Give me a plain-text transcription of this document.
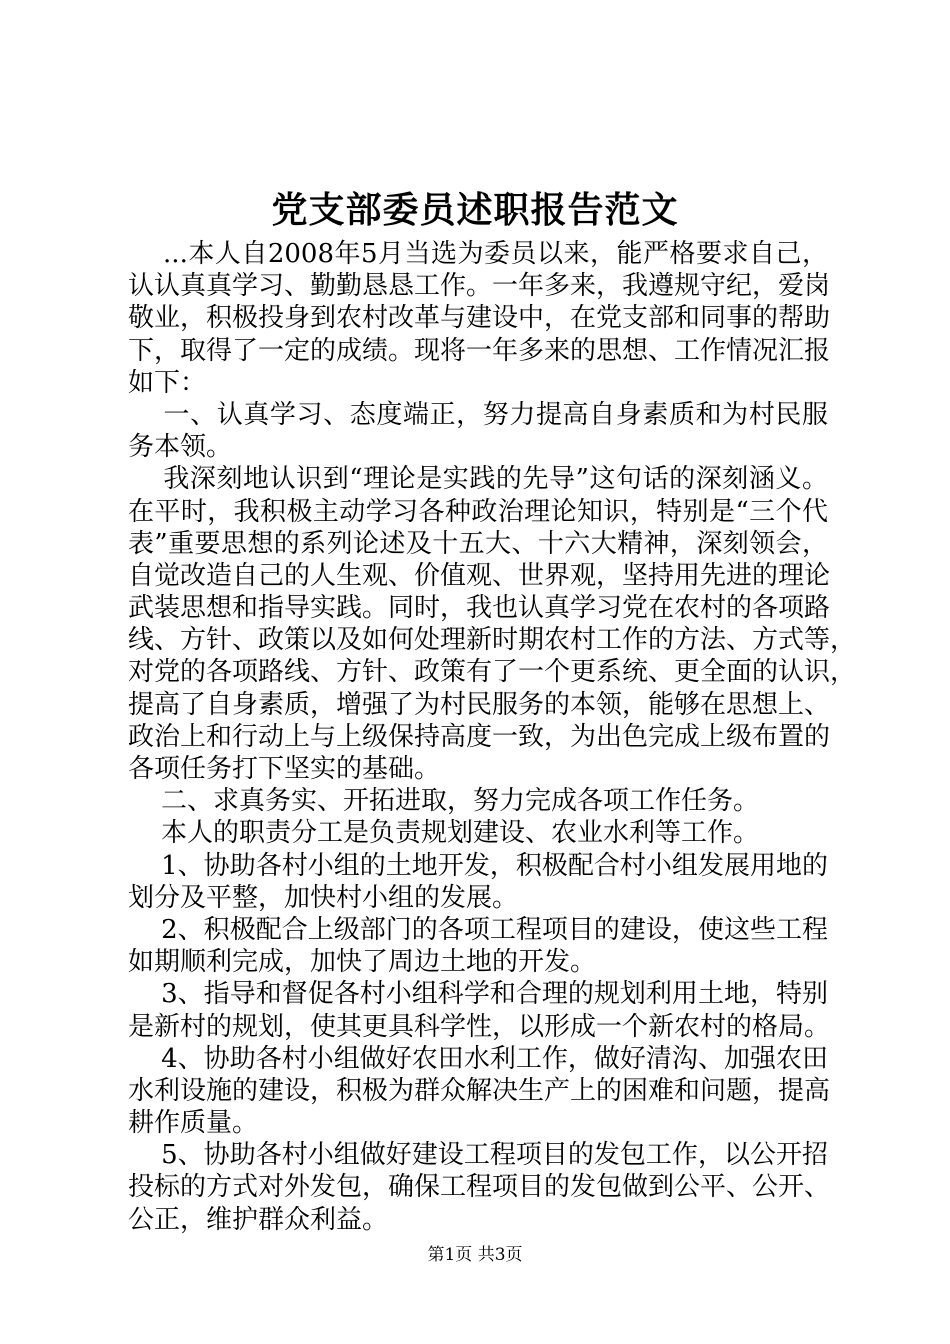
党支部委员述职报告范文
...本人自2008年5月当选为委员以来，能严格要求自己，
认认真真学习、勤勤恳恳工作。一年多来，我遵规守纪，爱岗
敬业，积极投身到农村改革与建设中，在党支部和同事的帮助
下，取得了一定的成绩。现将一年多来的思想、工作情况汇报
如下：
一、认真学习、态度端正，努力提高自身素质和为村民服
务本领。
我深刻地认识到“理论是实践的先导”这句话的深刻涵义。
在平时，我积极主动学习各种政治理论知识，特别是“三个代
表”重要思想的系列论述及十五大、十六大精神，深刻领会，
自觉改造自己的人生观、价值观、世界观，坚持用先进的理论
武装思想和指导实践。同时，我也认真学习党在农村的各项路
线、方针、政策以及如何处理新时期农村工作的方法、方式等，
对党的各项路线、方针、政策有了一个更系统、更全面的认识，
提高了自身素质，增强了为村民服务的本领，能够在思想上、
政治上和行动上与上级保持高度一致，为出色完成上级布置的
各项任务打下坚实的基础。
二、求真务实、开拓进取，努力完成各项工作任务。
本人的职责分工是负责规划建设、农业水利等工作。
1、协助各村小组的土地开发，积极配合村小组发展用地的
划分及平整，加快村小组的发展。
2、积极配合上级部门的各项工程项目的建设，使这些工程
如期顺利完成，加快了周边土地的开发。
3、指导和督促各村小组科学和合理的规划利用土地，特别
是新村的规划，使其更具科学性，以形成一个新农村的格局。
4、协助各村小组做好农田水利工作，做好清沟、加强农田
水利设施的建设，积极为群众解决生产上的困难和问题，提高
耕作质量。
5、协助各村小组做好建设工程项目的发包工作，以公开招
投标的方式对外发包，确保工程项目的发包做到公平、公开、
公正，维护群众利益。
第1页 共3页
